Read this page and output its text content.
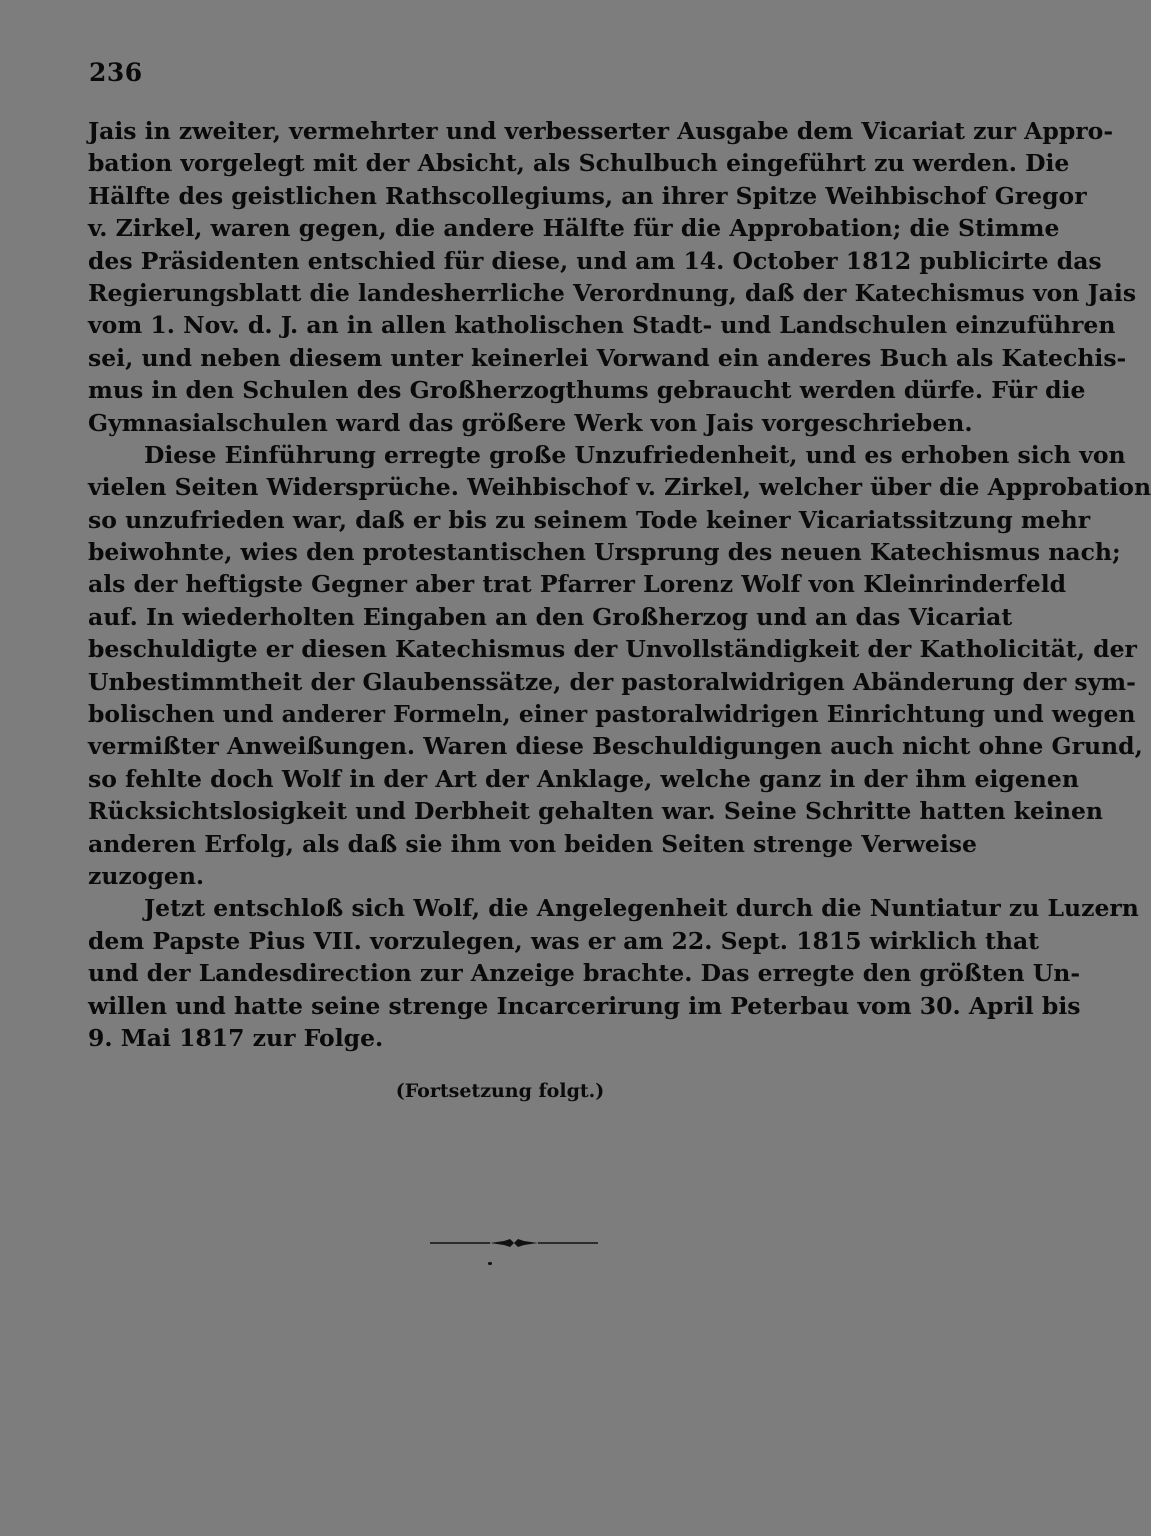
236
Jais in zweiter, vermehrter und verbesserter Ausgabe dem Vicariat zur Appro-
bation vorgelegt mit der Absicht, als Schulbuch eingeführt zu werden. Die
Hälfte des geistlichen Rathscollegiums, an ihrer Spitze Weihbischof Gregor
v. Zirkel, waren gegen, die andere Hälfte für die Approbation; die Stimme
des Präsidenten entschied für diese, und am 14. October 1812 publicirte das
Regierungsblatt die landesherrliche Verordnung, daß der Katechismus von Jais
vom 1. Nov. d. J. an in allen katholischen Stadt- und Landschulen einzuführen
sei, und neben diesem unter keinerlei Vorwand ein anderes Buch als Katechis-
mus in den Schulen des Großherzogthums gebraucht werden dürfe. Für die
Gymnasialschulen ward das größere Werk von Jais vorgeschrieben.
Diese Einführung erregte große Unzufriedenheit, und es erhoben sich von
vielen Seiten Widersprüche. Weihbischof v. Zirkel, welcher über die Approbation
so unzufrieden war, daß er bis zu seinem Tode keiner Vicariatssitzung mehr
beiwohnte, wies den protestantischen Ursprung des neuen Katechismus nach;
als der heftigste Gegner aber trat Pfarrer Lorenz Wolf von Kleinrinderfeld
auf. In wiederholten Eingaben an den Großherzog und an das Vicariat
beschuldigte er diesen Katechismus der Unvollständigkeit der Katholicität, der
Unbestimmtheit der Glaubenssätze, der pastoralwidrigen Abänderung der sym-
bolischen und anderer Formeln, einer pastoralwidrigen Einrichtung und wegen
vermißter Anweißungen. Waren diese Beschuldigungen auch nicht ohne Grund,
so fehlte doch Wolf in der Art der Anklage, welche ganz in der ihm eigenen
Rücksichtslosigkeit und Derbheit gehalten war. Seine Schritte hatten keinen
anderen Erfolg, als daß sie ihm von beiden Seiten strenge Verweise
zuzogen.
Jetzt entschloß sich Wolf, die Angelegenheit durch die Nuntiatur zu Luzern
dem Papste Pius VII. vorzulegen, was er am 22. Sept. 1815 wirklich that
und der Landesdirection zur Anzeige brachte. Das erregte den größten Un-
willen und hatte seine strenge Incarcerirung im Peterbau vom 30. April bis
9. Mai 1817 zur Folge.
(Fortsetzung folgt.)
